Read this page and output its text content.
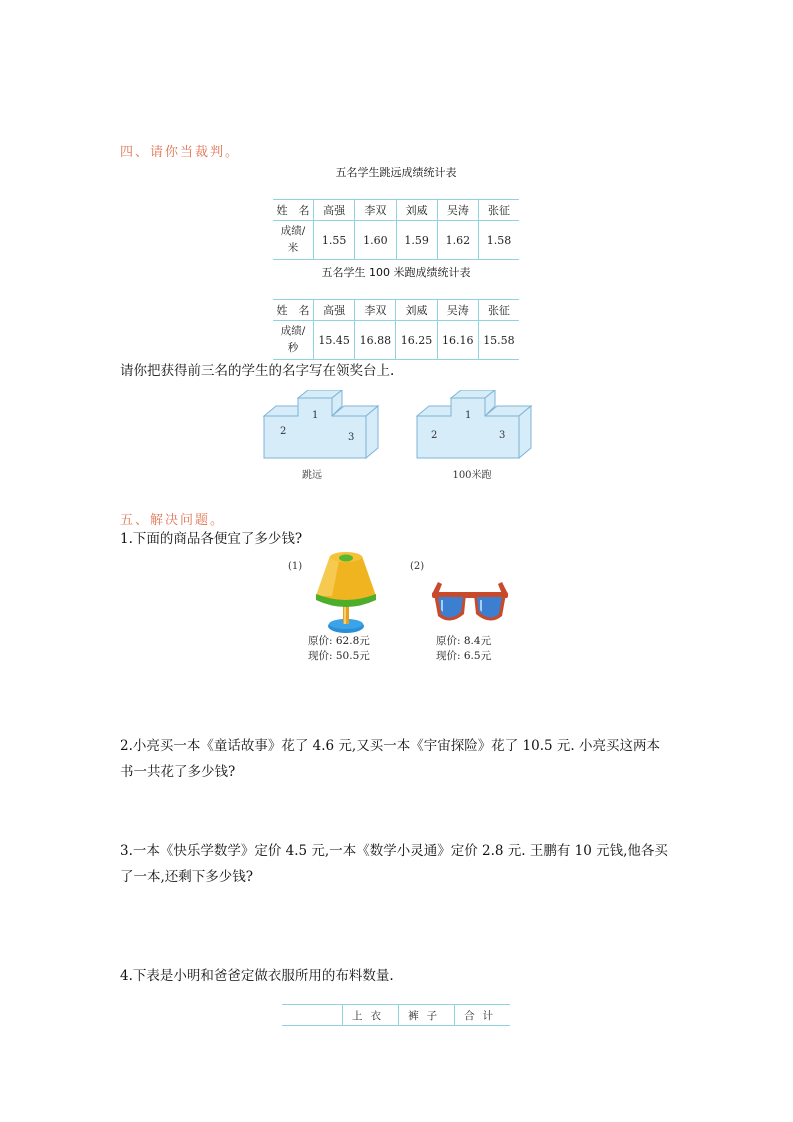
四、请你当裁判。
五名学生跳远成绩统计表
姓　名	高强	李双	刘威	吴涛	张征

成绩/
米	1.55	1.60	1.59	1.62	1.58
五名学生 100 米跑成绩统计表
姓　名	高强	李双	刘威	吴涛	张征

成绩/
秒	15.45	16.88	16.25	16.16	15.58
请你把获得前三名的学生的名字写在领奖台上.
1
2
3
跳远
1
2	3
100米跑
五、解决问题。
1.下面的商品各便宜了多少钱?
(1)
原价: 62.8元
现价: 50.5元
(2)
原价: 8.4元
现价: 6.5元
2.小亮买一本《童话故事》花了 4.6 元,又买一本《宇宙探险》花了 10.5 元. 小亮买这两本
书一共花了多少钱?
3.一本《快乐学数学》定价 4.5 元,一本《数学小灵通》定价 2.8 元. 王鹏有 10 元钱,他各买
了一本,还剩下多少钱?
4.下表是小明和爸爸定做衣服所用的布料数量.
	上衣	裤子	合计
